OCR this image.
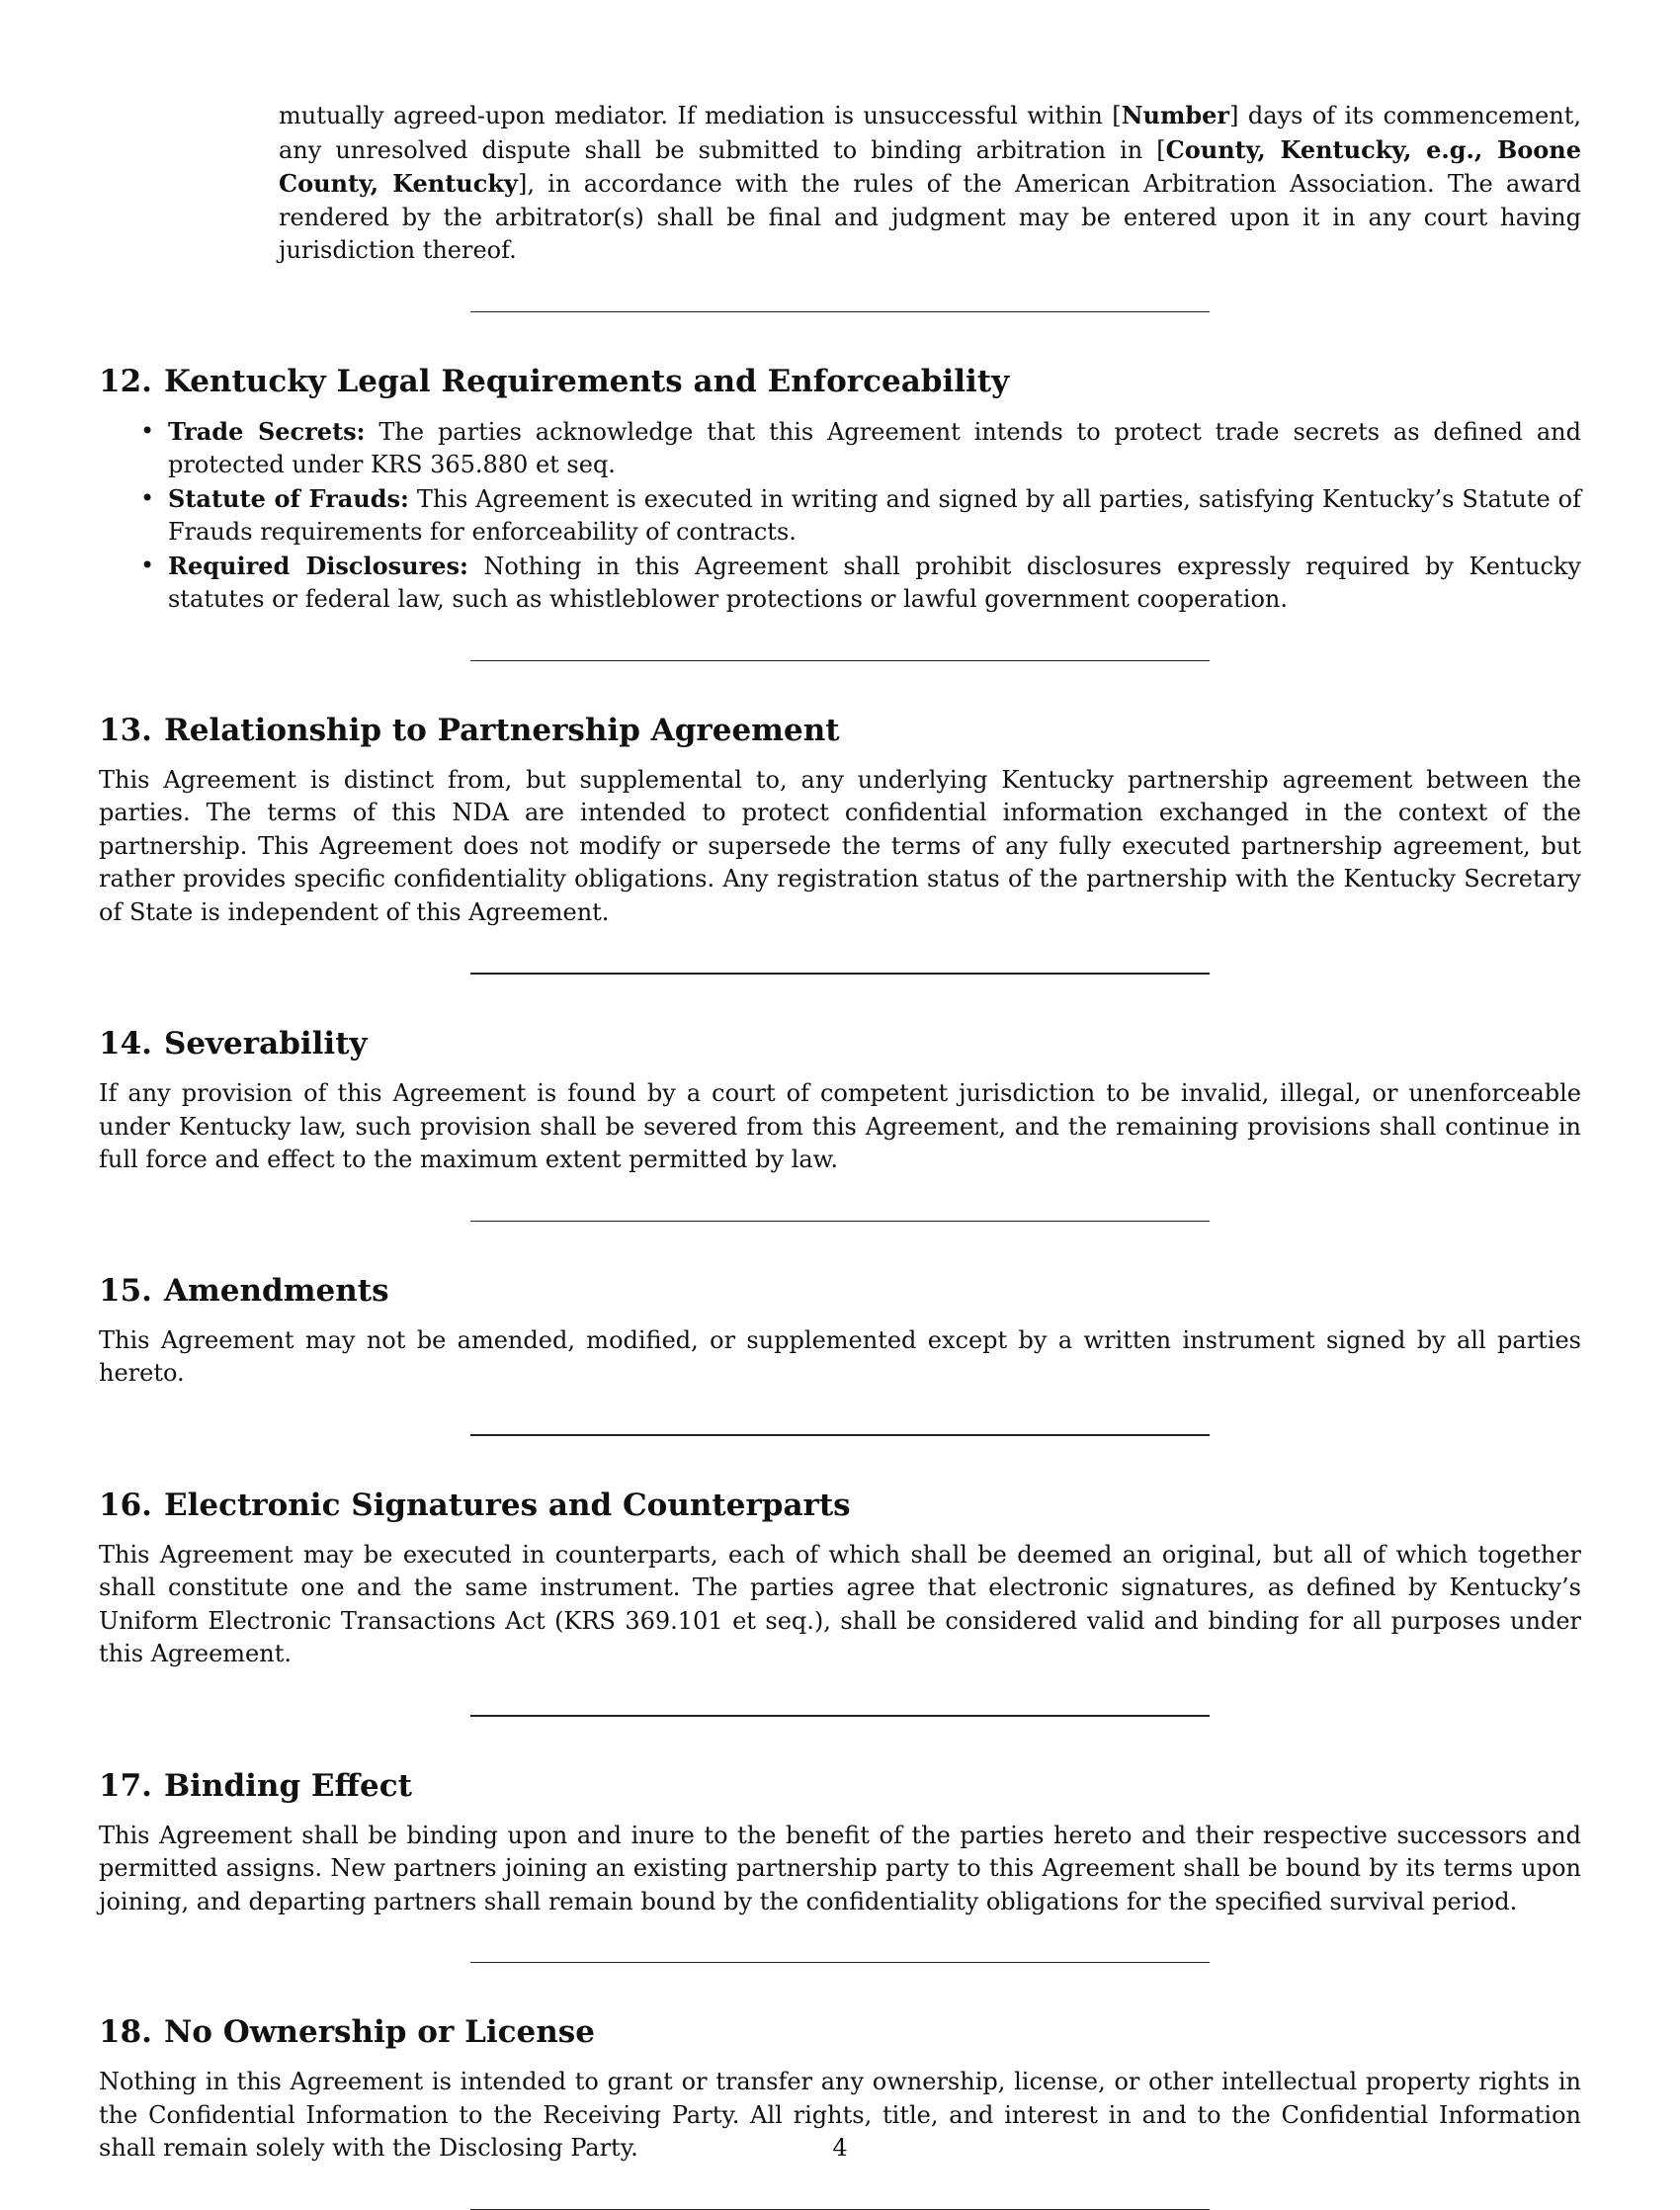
mutually agreed-upon mediator. If mediation is unsuccessful within [Number] days of its commencement, any unresolved dispute shall be submitted to binding arbitration in [County, Kentucky, e.g., Boone County, Kentucky], in accordance with the rules of the American Arbitration Association. The award rendered by the arbitrator(s) shall be final and judgment may be entered upon it in any court having jurisdiction thereof.

12. Kentucky Legal Requirements and Enforceability
• Trade Secrets: The parties acknowledge that this Agreement intends to protect trade secrets as defined and protected under KRS 365.880 et seq.
• Statute of Frauds: This Agreement is executed in writing and signed by all parties, satisfying Kentucky’s Statute of Frauds requirements for enforceability of contracts.
• Required Disclosures: Nothing in this Agreement shall prohibit disclosures expressly required by Kentucky statutes or federal law, such as whistleblower protections or lawful government cooperation.
13. Relationship to Partnership Agreement

This Agreement is distinct from, but supplemental to, any underlying Kentucky partnership agreement between the parties. The terms of this NDA are intended to protect confidential information exchanged in the context of the partnership. This Agreement does not modify or supersede the terms of any fully executed partnership agreement, but rather provides specific confidentiality obligations. Any registration status of the partnership with the Kentucky Secretary of State is independent of this Agreement.

14. Severability

If any provision of this Agreement is found by a court of competent jurisdiction to be invalid, illegal, or unenforceable under Kentucky law, such provision shall be severed from this Agreement, and the remaining provisions shall continue in full force and effect to the maximum extent permitted by law.

15. Amendments

This Agreement may not be amended, modified, or supplemented except by a written instrument signed by all parties hereto.

16. Electronic Signatures and Counterparts

This Agreement may be executed in counterparts, each of which shall be deemed an original, but all of which together shall constitute one and the same instrument. The parties agree that electronic signatures, as defined by Kentucky’s Uniform Electronic Transactions Act (KRS 369.101 et seq.), shall be considered valid and binding for all purposes under this Agreement.

17. Binding Effect

This Agreement shall be binding upon and inure to the benefit of the parties hereto and their respective successors and permitted assigns. New partners joining an existing partnership party to this Agreement shall be bound by its terms upon joining, and departing partners shall remain bound by the confidentiality obligations for the specified survival period.

18. No Ownership or License

Nothing in this Agreement is intended to grant or transfer any ownership, license, or other intellectual property rights in the Confidential Information to the Receiving Party. All rights, title, and interest in and to the Confidential Information shall remain solely with the Disclosing Party.	4
